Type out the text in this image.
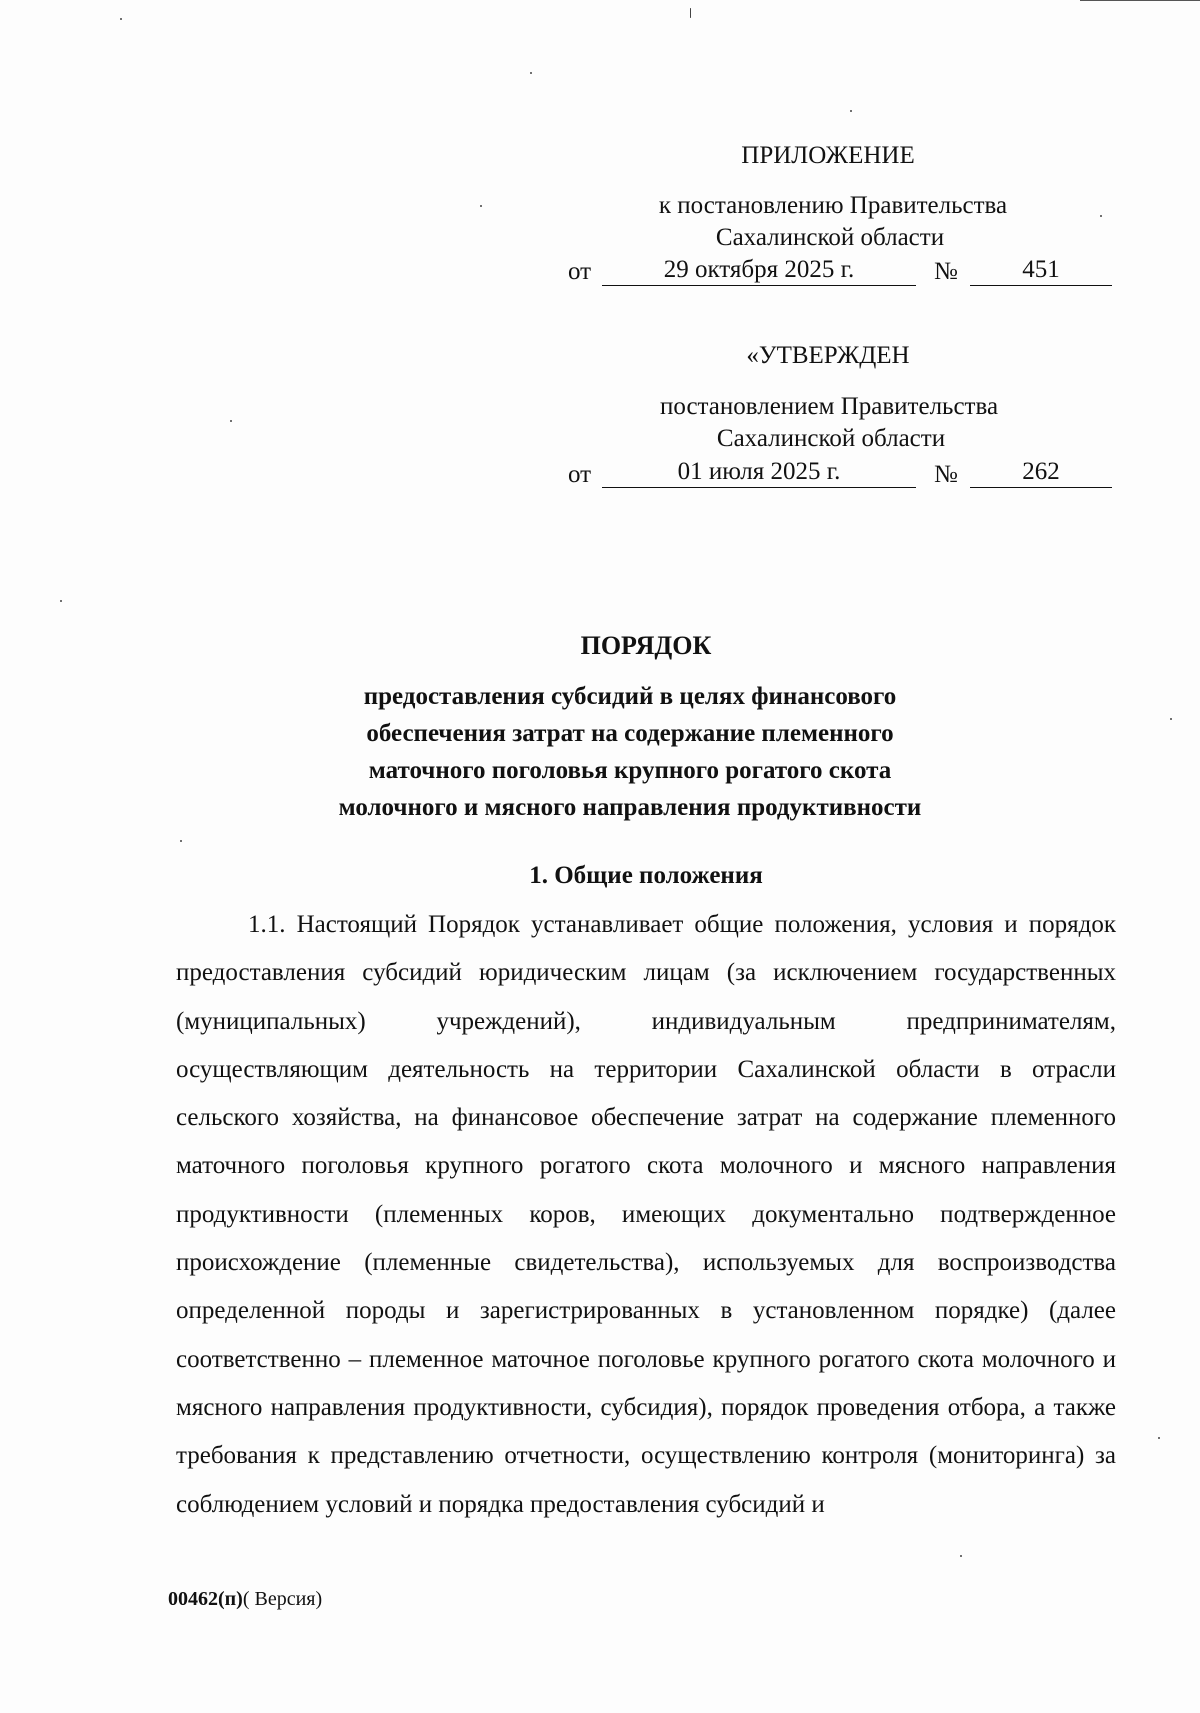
ПРИЛОЖЕНИЕ
к постановлению Правительства
Сахалинской области
от	29 октября 2025 г.	№	451
«УТВЕРЖДЕН
постановлением Правительства
Сахалинской области
от	01 июля 2025 г.	№	262
ПОРЯДОК
предоставления субсидий в целях финансового
обеспечения затрат на содержание племенного
маточного поголовья крупного рогатого скота
молочного и мясного направления продуктивности
1. Общие положения

1.1. Настоящий Порядок устанавливает общие положения, условия и порядок предоставления субсидий юридическим лицам (за исключением государственных (муниципальных) учреждений), индивидуальным предпринимателям, осуществляющим деятельность на территории Сахалинской области в отрасли сельского хозяйства, на финансовое обеспечение затрат на содержание племенного маточного поголовья крупного рогатого скота молочного и мясного направления продуктивности (племенных коров, имеющих документально подтвержденное происхождение (племенные свидетельства), используемых для воспроизводства определенной породы и зарегистрированных в установленном порядке) (далее соответственно – племенное маточное поголовье крупного рогатого скота молочного и мясного направления продуктивности, субсидия), порядок проведения отбора, а также требования к представлению отчетности, осуществлению контроля (мониторинга) за соблюдением условий и порядка предоставления субсидий и

00462(п)( Версия)
